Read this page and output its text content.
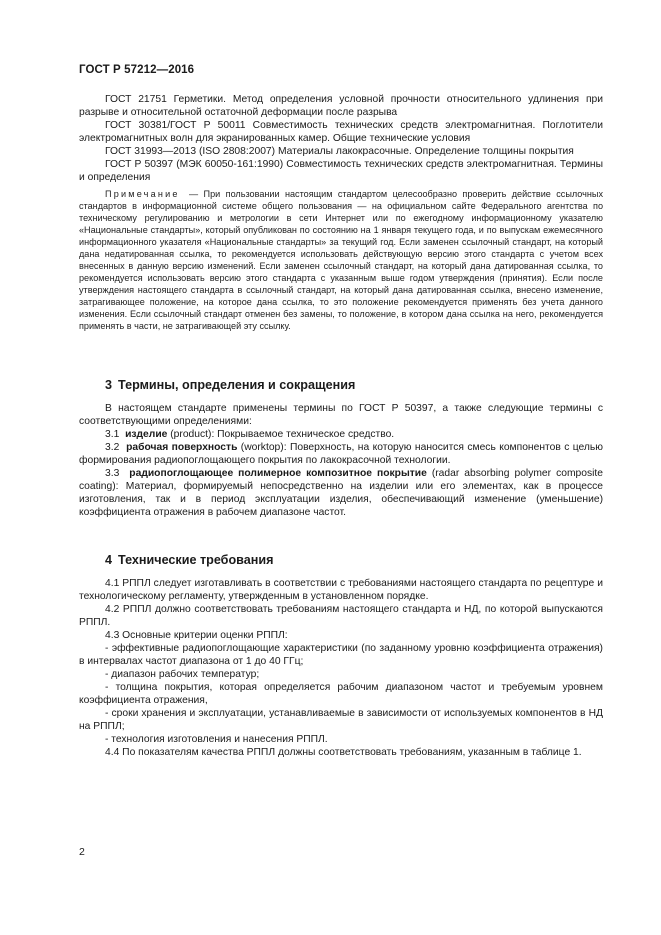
ГОСТ Р 57212—2016

ГОСТ 21751 Герметики. Метод определения условной прочности относительного удлинения при разрыве и относительной остаточной деформации после разрыва

ГОСТ 30381/ГОСТ Р 50011 Совместимость технических средств электромагнитная. Поглотители электромагнитных волн для экранированных камер. Общие технические условия

ГОСТ 31993—2013 (ISO 2808:2007) Материалы лакокрасочные. Определение толщины покрытия

ГОСТ Р 50397 (МЭК 60050-161:1990) Совместимость технических средств электромагнитная. Термины и определения

Примечание — При пользовании настоящим стандартом целесообразно проверить действие ссылочных стандартов в информационной системе общего пользования — на официальном сайте Федерального агентства по техническому регулированию и метрологии в сети Интернет или по ежегодному информационному указателю «Национальные стандарты», который опубликован по состоянию на 1 января текущего года, и по выпускам ежемесячного информационного указателя «Национальные стандарты» за текущий год. Если заменен ссылочный стандарт, на который дана недатированная ссылка, то рекомендуется использовать действующую версию этого стандарта с учетом всех внесенных в данную версию изменений. Если заменен ссылочный стандарт, на который дана датированная ссылка, то рекомендуется использовать версию этого стандарта с указанным выше годом утверждения (принятия). Если после утверждения настоящего стандарта в ссылочный стандарт, на который дана датированная ссылка, внесено изменение, затрагивающее положение, на которое дана ссылка, то это положение рекомендуется применять без учета данного изменения. Если ссылочный стандарт отменен без замены, то положение, в котором дана ссылка на него, рекомендуется применять в части, не затрагивающей эту ссылку.

3 Термины, определения и сокращения

В настоящем стандарте применены термины по ГОСТ Р 50397, а также следующие термины с соответствующими определениями:

3.1 изделие (product): Покрываемое техническое средство.

3.2 рабочая поверхность (worktop): Поверхность, на которую наносится смесь компонентов с целью формирования радиопоглощающего покрытия по лакокрасочной технологии.

3.3 радиопоглощающее полимерное композитное покрытие (radar absorbing polymer composite coating): Материал, формируемый непосредственно на изделии или его элементах, как в процессе изготовления, так и в период эксплуатации изделия, обеспечивающий изменение (уменьшение) коэффициента отражения в рабочем диапазоне частот.

4 Технические требования

4.1 РППЛ следует изготавливать в соответствии с требованиями настоящего стандарта по рецептуре и технологическому регламенту, утвержденным в установленном порядке.

4.2 РППЛ должно соответствовать требованиям настоящего стандарта и НД, по которой выпускаются РППЛ.

4.3 Основные критерии оценки РППЛ:

- эффективные радиопоглощающие характеристики (по заданному уровню коэффициента отражения) в интервалах частот диапазона от 1 до 40 ГГц;

- диапазон рабочих температур;

- толщина покрытия, которая определяется рабочим диапазоном частот и требуемым уровнем коэффициента отражения,

- сроки хранения и эксплуатации, устанавливаемые в зависимости от используемых компонентов в НД на РППЛ;

- технология изготовления и нанесения РППЛ.

4.4 По показателям качества РППЛ должны соответствовать требованиям, указанным в таблице 1.

2
